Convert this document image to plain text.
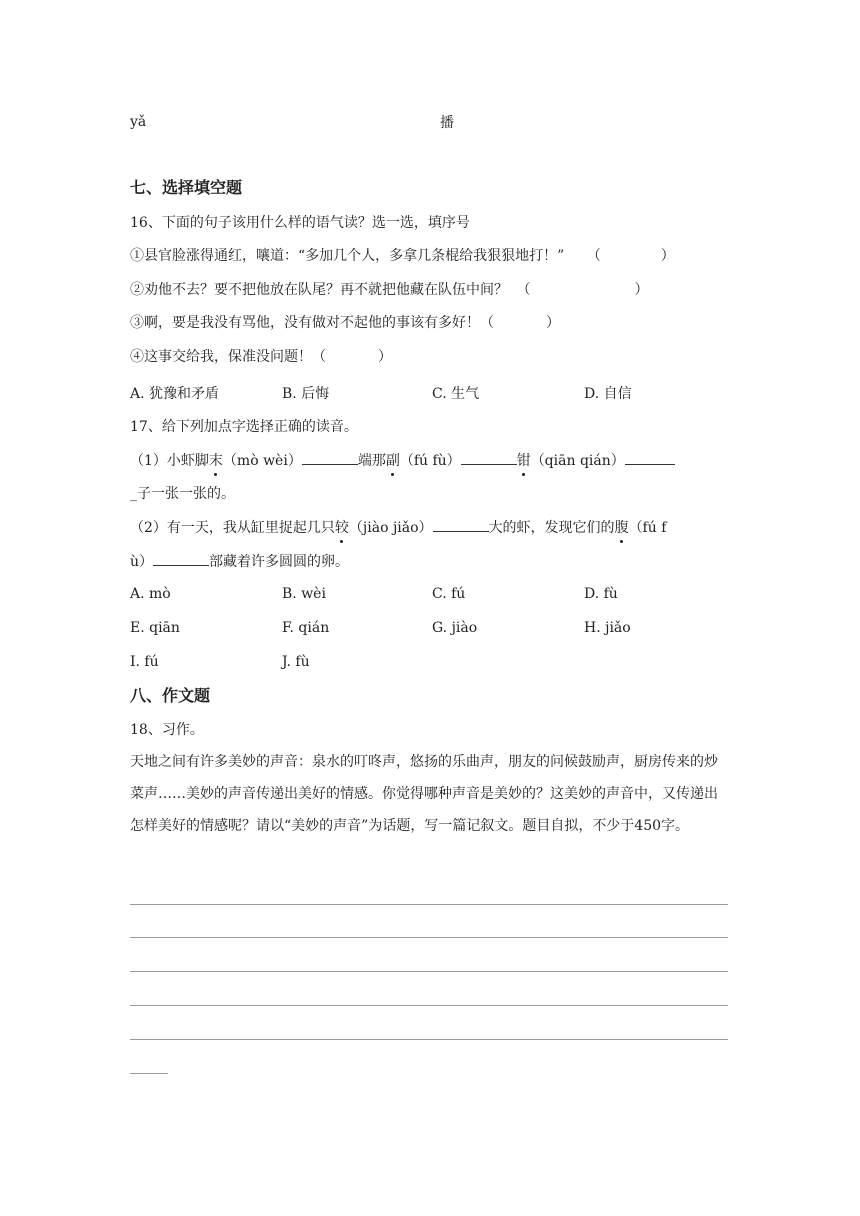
yǎ	播
七、选择填空题
16、下面的句子该用什么样的语气读？选一选，填序号
①县官脸涨得通红，嚷道：“多加几个人，多拿几条棍给我狠狠地打！” （	）
②劝他不去？要不把他放在队尾？再不就把他藏在队伍中间？ （	）
③啊，要是我没有骂他，没有做对不起他的事该有多好！（	）
④这事交给我，保准没问题！（	）
A. 犹豫和矛盾	B. 后悔	C. 生气	D. 自信
17、给下列加点字选择正确的读音。
（1）小虾脚末（mò wèi）	端那副（fú fù）	钳（qiān qián）
_子一张一张的。
（2）有一天，我从缸里捉起几只较（jiào jiǎo）	大的虾，发现它们的腹（fú f
ù）	部藏着许多圆圆的卵。
A. mò	B. wèi	C. fú	D. fù
E. qiān	F. qián	G. jiào	H. jiǎo
I. fú	J. fù
八、作文题
18、习作。
天地之间有许多美妙的声音：泉水的叮咚声，悠扬的乐曲声，朋友的问候鼓励声，厨房传来的炒菜声……美妙的声音传递出美好的情感。你觉得哪种声音是美妙的？这美妙的声音中，又传递出怎样美好的情感呢？请以“美妙的声音”为话题，写一篇记叙文。题目自拟，不少于450字。
